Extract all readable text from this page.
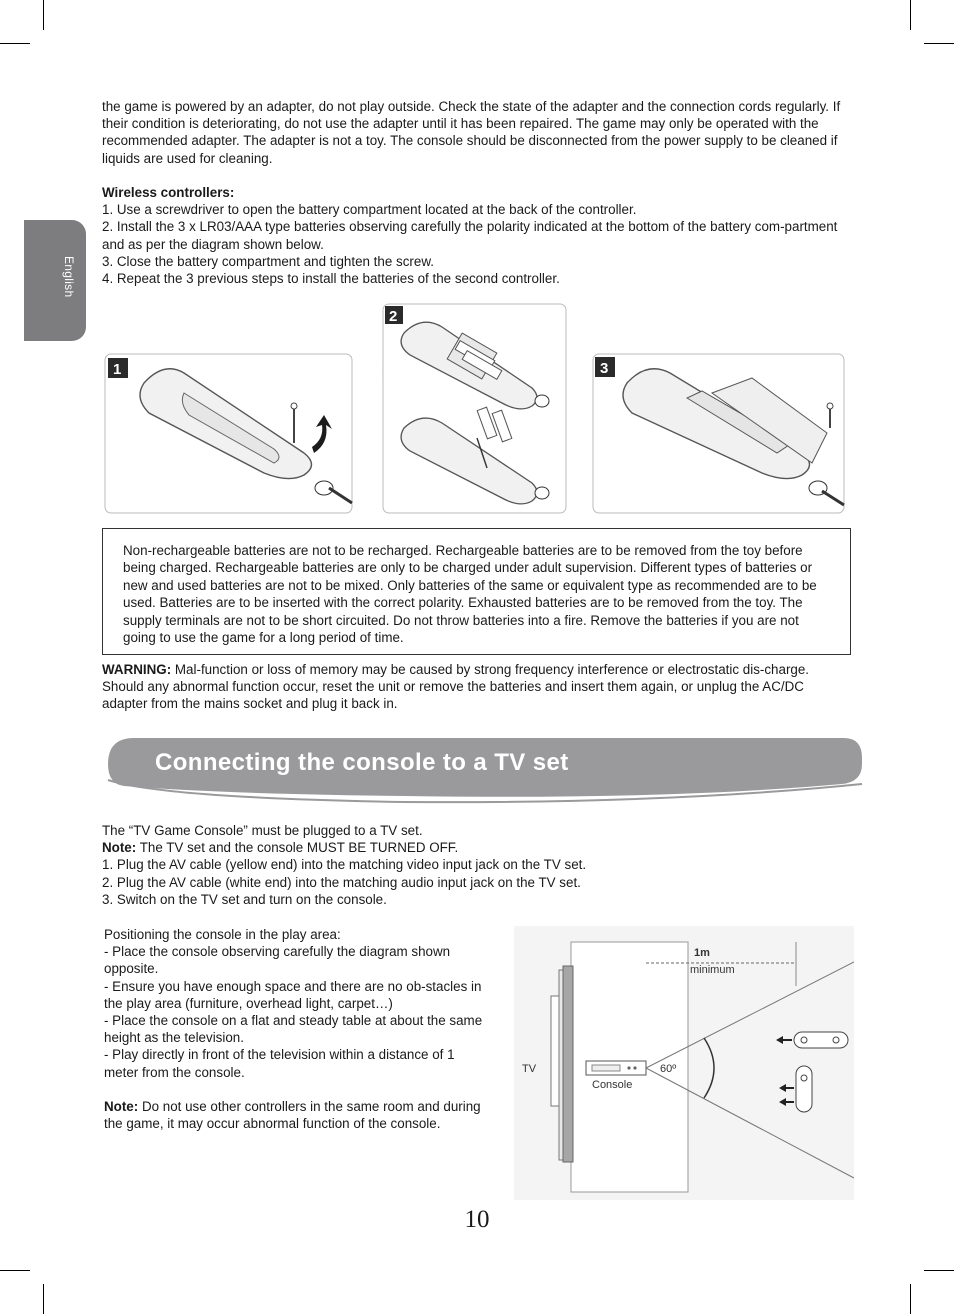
English

the game is powered by an adapter, do not play outside. Check the state of the adapter and the connection cords regularly. If their condition is deteriorating, do not use the adapter until it has been repaired. The game may only be operated with the recommended adapter. The adapter is not a toy. The console should be disconnected from the power supply to be cleaned if liquids are used for cleaning.

Wireless controllers:
1. Use a screwdriver to open the battery compartment located at the back of the controller.
2. Install the 3 x LR03/AAA type batteries observing carefully the polarity indicated at the bottom of the battery com-partment and as per the diagram shown below.
3. Close the battery compartment and tighten the screw.
4. Repeat the 3 previous steps to install the batteries of the second controller.
1
2
3

Non-rechargeable batteries are not to be recharged. Rechargeable batteries are to be removed from the toy before being charged. Rechargeable batteries are only to be charged under adult supervision. Different types of batteries or new and used batteries are not to be mixed. Only batteries of the same or equivalent type as recommended are to be used. Batteries are to be inserted with the correct polarity. Exhausted batteries are to be removed from the toy. The supply terminals are not to be short circuited. Do not throw batteries into a fire. Remove the batteries if you are not going to use the game for a long period of time.

WARNING: Mal-function or loss of memory may be caused by strong frequency interference or electrostatic dis-charge. Should any abnormal function occur, reset the unit or remove the batteries and insert them again, or unplug the AC/DC adapter from the mains socket and plug it back in.

Connecting the console to a TV set
The “TV Game Console” must be plugged to a TV set.
Note: The TV set and the console MUST BE TURNED OFF.
1. Plug the AV cable (yellow end) into the matching video input jack on the TV set.
2. Plug the AV cable (white end) into the matching audio input jack on the TV set.
3. Switch on the TV set and turn on the console.
Positioning the console in the play area:
- Place the console observing carefully the diagram shown opposite.
- Ensure you have enough space and there are no ob-stacles in the play area (furniture, overhead light, carpet…)
- Place the console on a flat and steady table at about the same height as the television.
- Play directly in front of the television within a distance of 1 meter from the console.
Note: Do not use other controllers in the same room and during the game, it may occur abnormal function of the console.
TV
Console
60º
1m
minimum
10
